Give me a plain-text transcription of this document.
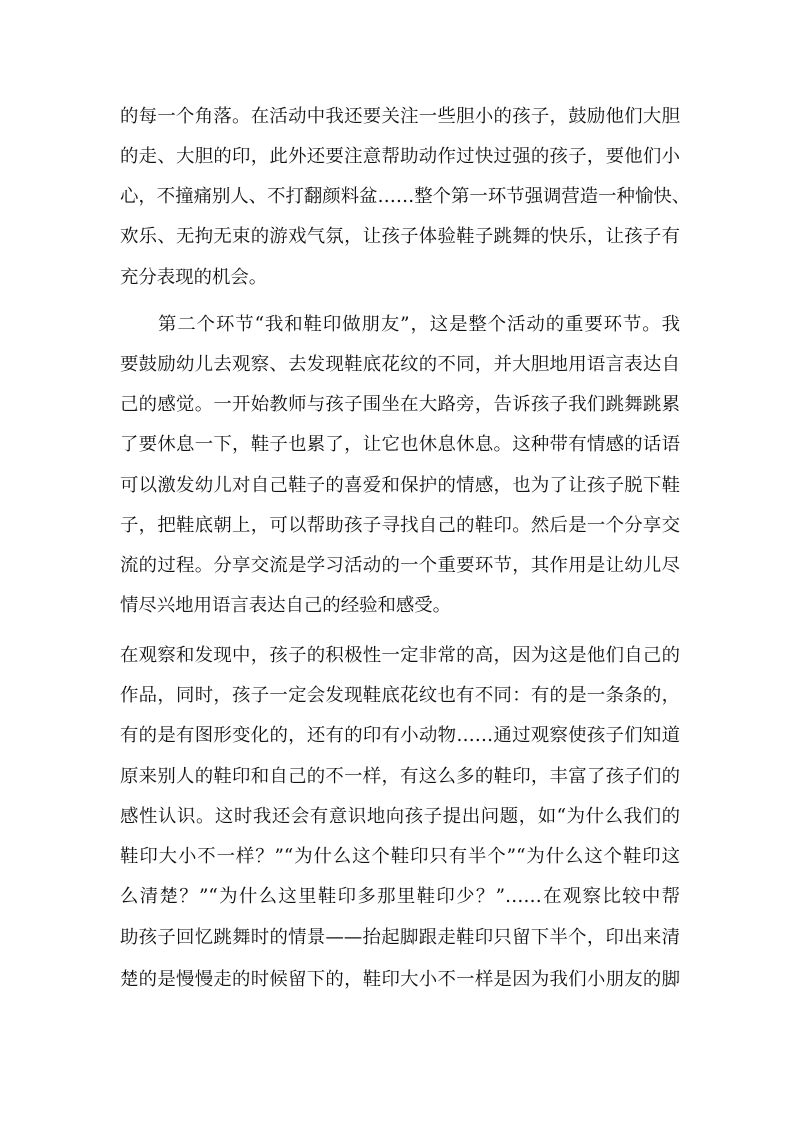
的每一个角落。在活动中我还要关注一些胆小的孩子，鼓励他们大胆
的走、大胆的印，此外还要注意帮助动作过快过强的孩子，要他们小
心，不撞痛别人、不打翻颜料盆……整个第一环节强调营造一种愉快、
欢乐、无拘无束的游戏气氛，让孩子体验鞋子跳舞的快乐，让孩子有
充分表现的机会。
第二个环节“我和鞋印做朋友”，这是整个活动的重要环节。我
要鼓励幼儿去观察、去发现鞋底花纹的不同，并大胆地用语言表达自
己的感觉。一开始教师与孩子围坐在大路旁，告诉孩子我们跳舞跳累
了要休息一下，鞋子也累了，让它也休息休息。这种带有情感的话语
可以激发幼儿对自己鞋子的喜爱和保护的情感，也为了让孩子脱下鞋
子，把鞋底朝上，可以帮助孩子寻找自己的鞋印。然后是一个分享交
流的过程。分享交流是学习活动的一个重要环节，其作用是让幼儿尽
情尽兴地用语言表达自己的经验和感受。
在观察和发现中，孩子的积极性一定非常的高，因为这是他们自己的
作品，同时，孩子一定会发现鞋底花纹也有不同：有的是一条条的，
有的是有图形变化的，还有的印有小动物……通过观察使孩子们知道
原来别人的鞋印和自己的不一样，有这么多的鞋印，丰富了孩子们的
感性认识。这时我还会有意识地向孩子提出问题，如“为什么我们的
鞋印大小不一样？”“为什么这个鞋印只有半个”“为什么这个鞋印这
么清楚？”“为什么这里鞋印多那里鞋印少？”……在观察比较中帮
助孩子回忆跳舞时的情景——抬起脚跟走鞋印只留下半个，印出来清
楚的是慢慢走的时候留下的，鞋印大小不一样是因为我们小朋友的脚
